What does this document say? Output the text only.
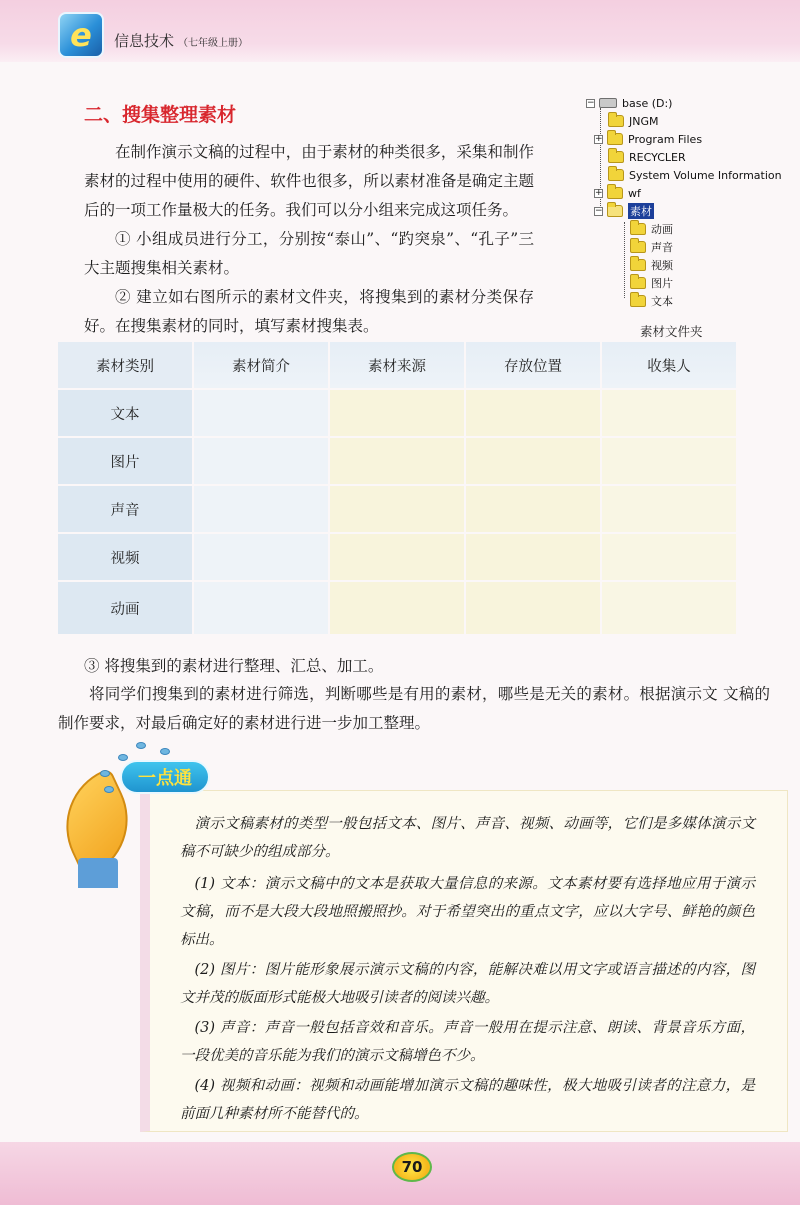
e	信息技术 （七年级上册）
二、搜集整理素材
在制作演示文稿的过程中，由于素材的种类很多，采集和制作素材的过程中使用的硬件、软件也很多，所以素材准备是确定主题后的一项工作量极大的任务。我们可以分小组来完成这项任务。
① 小组成员进行分工，分别按“泰山”、“趵突泉”、“孔子”三大主题搜集相关素材。
② 建立如右图所示的素材文件夹，将搜集到的素材分类保存好。在搜集素材的同时，填写素材搜集表。
− base (D:)
JNGM
+ Program Files
RECYCLER
System Volume Information
+ wf
− 素材
动画
声音
视频
图片
文本
素材文件夹
素材类别	素材简介	素材来源	存放位置	收集人
文本
图片
声音
视频
动画
③ 将搜集到的素材进行整理、汇总、加工。
将同学们搜集到的素材进行筛选，判断哪些是有用的素材，哪些是无关的素材。根据演示文 文稿的制作要求，对最后确定好的素材进行进一步加工整理。
一点通
演示文稿素材的类型一般包括文本、图片、声音、视频、动画等，它们是多媒体演示文稿不可缺少的组成部分。
(1) 文本：演示文稿中的文本是获取大量信息的来源。文本素材要有选择地应用于演示文稿，而不是大段大段地照搬照抄。对于希望突出的重点文字，应以大字号、鲜艳的颜色标出。
(2) 图片：图片能形象展示演示文稿的内容，能解决难以用文字或语言描述的内容，图文并茂的版面形式能极大地吸引读者的阅读兴趣。
(3) 声音：声音一般包括音效和音乐。声音一般用在提示注意、朗读、背景音乐方面，一段优美的音乐能为我们的演示文稿增色不少。
(4) 视频和动画：视频和动画能增加演示文稿的趣味性，极大地吸引读者的注意力，是前面几种素材所不能替代的。
70
